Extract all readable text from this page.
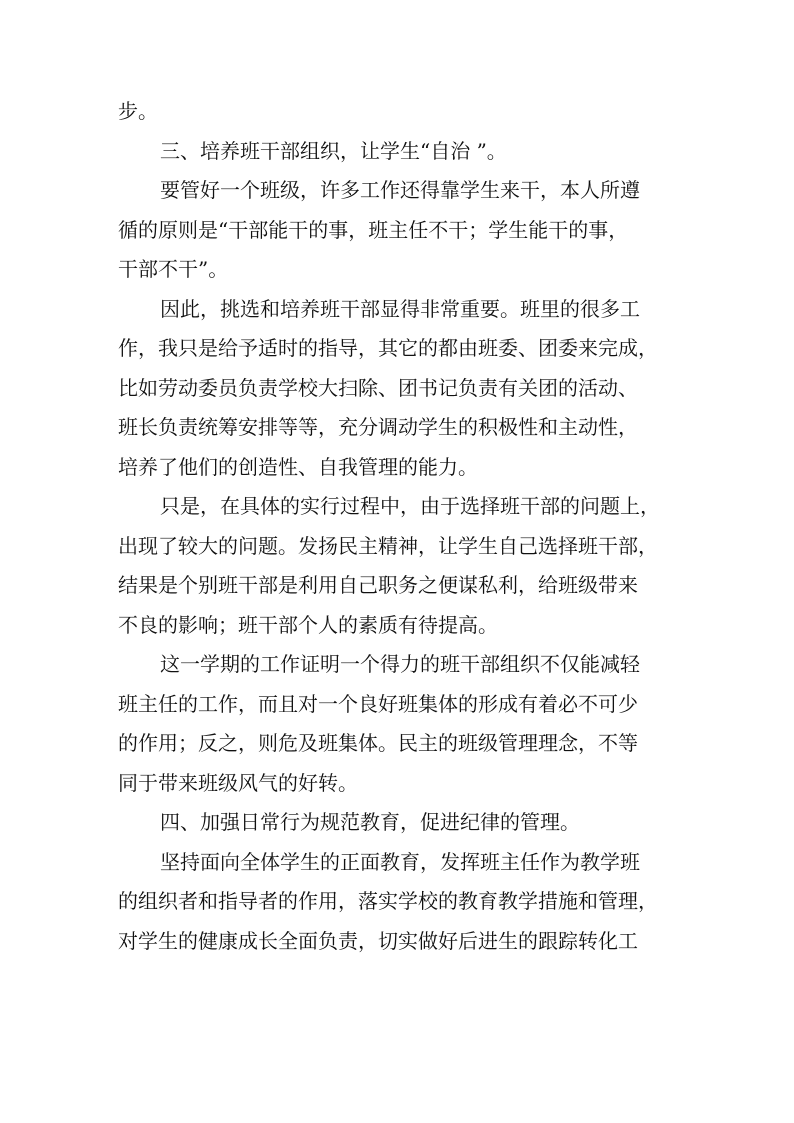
步。
三、培养班干部组织，让学生“自治 ”。
要管好一个班级，许多工作还得靠学生来干，本人所遵
循的原则是“干部能干的事，班主任不干；学生能干的事，
干部不干”。
因此，挑选和培养班干部显得非常重要。班里的很多工
作，我只是给予适时的指导，其它的都由班委、团委来完成，
比如劳动委员负责学校大扫除、团书记负责有关团的活动、
班长负责统筹安排等等，充分调动学生的积极性和主动性，
培养了他们的创造性、自我管理的能力。
只是，在具体的实行过程中，由于选择班干部的问题上，
出现了较大的问题。发扬民主精神，让学生自己选择班干部，
结果是个别班干部是利用自己职务之便谋私利，给班级带来
不良的影响；班干部个人的素质有待提高。
这一学期的工作证明一个得力的班干部组织不仅能减轻
班主任的工作，而且对一个良好班集体的形成有着必不可少
的作用；反之，则危及班集体。民主的班级管理理念，不等
同于带来班级风气的好转。
四、加强日常行为规范教育，促进纪律的管理。
坚持面向全体学生的正面教育，发挥班主任作为教学班
的组织者和指导者的作用，落实学校的教育教学措施和管理，
对学生的健康成长全面负责，切实做好后进生的跟踪转化工
